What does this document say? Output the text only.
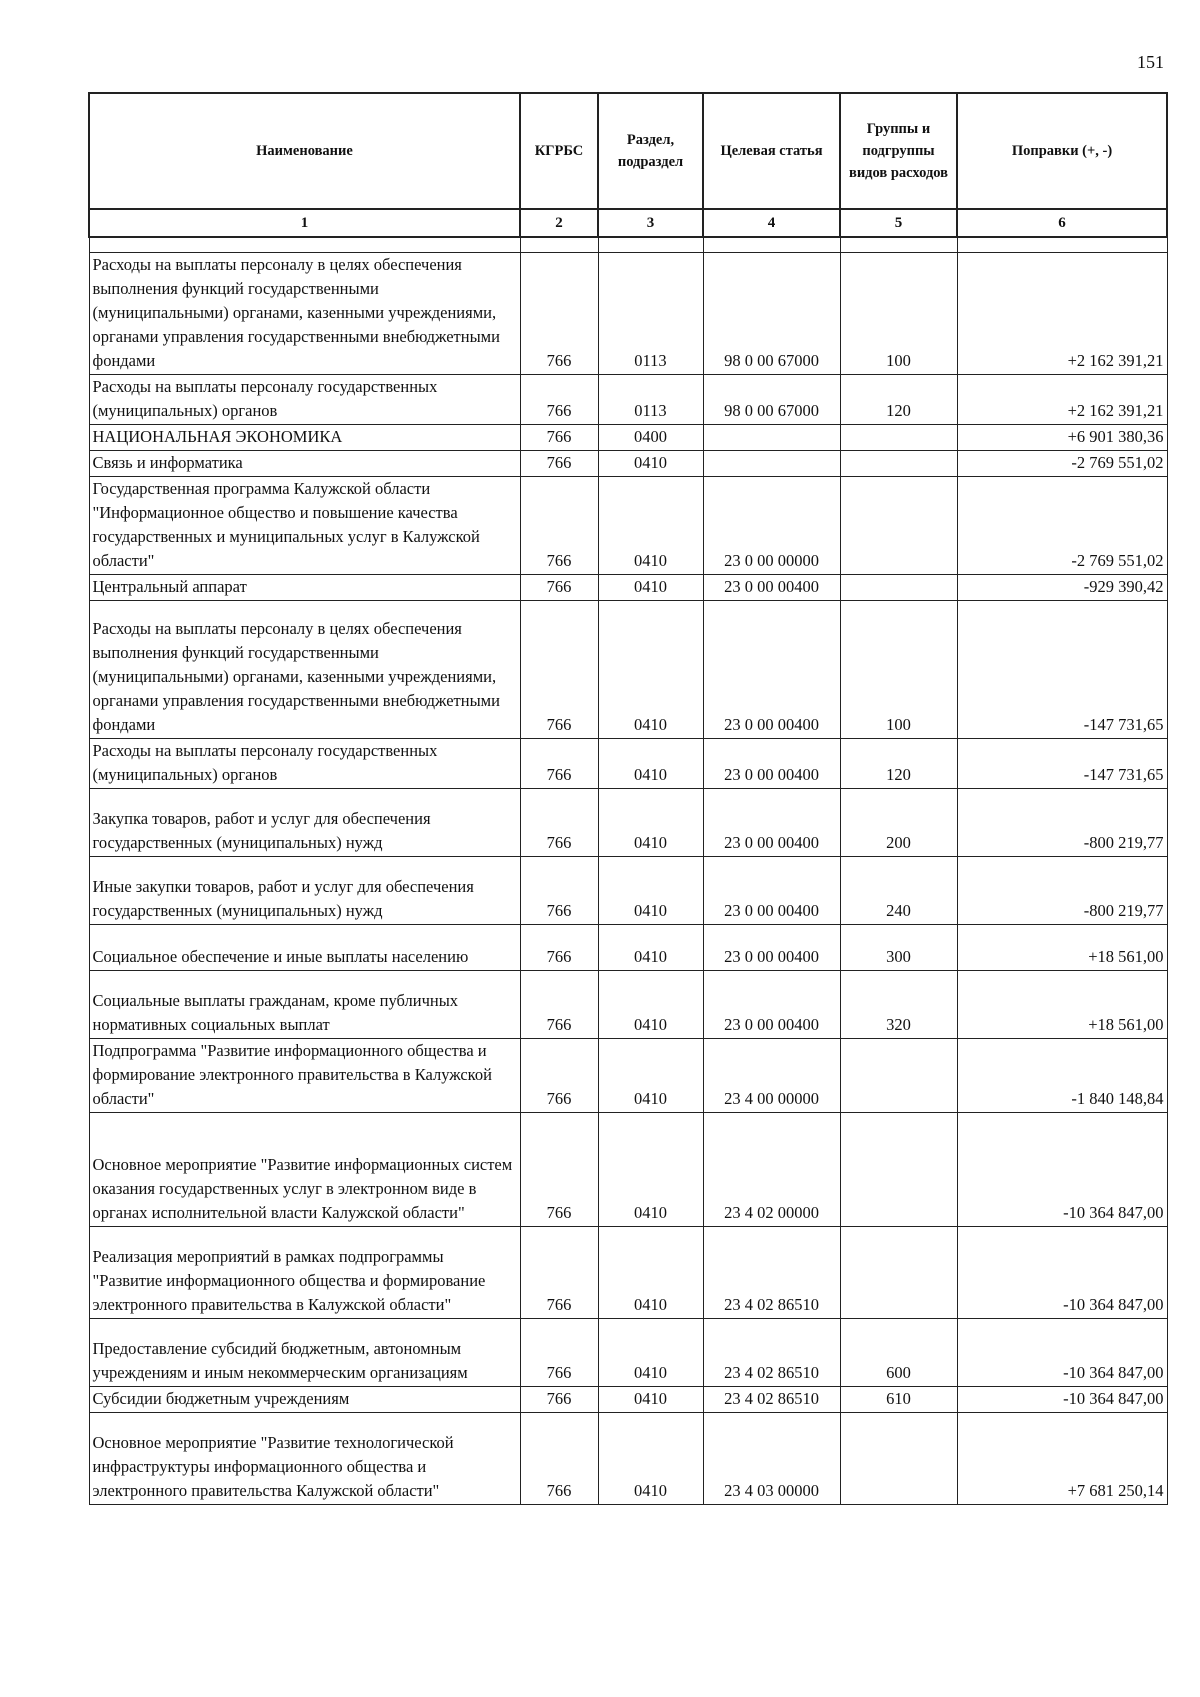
151
Наименование	КГРБС	Раздел, подраздел	Целевая статья	Группы и подгруппы видов расходов	Поправки (+, -)
1	2	3	4	5	6

Расходы на выплаты персоналу в целях обеспечения выполнения функций государственными (муниципальными) органами, казенными учреждениями, органами управления государственными внебюджетными фондами	766	0113	98 0 00 67000	100	+2 162 391,21
Расходы на выплаты персоналу государственных (муниципальных) органов	766	0113	98 0 00 67000	120	+2 162 391,21
НАЦИОНАЛЬНАЯ ЭКОНОМИКА	766	0400			+6 901 380,36
Связь и информатика	766	0410			-2 769 551,02
Государственная программа Калужской области "Информационное общество и повышение качества государственных и муниципальных услуг в Калужской области"	766	0410	23 0 00 00000		-2 769 551,02
Центральный аппарат	766	0410	23 0 00 00400		-929 390,42
Расходы на выплаты персоналу в целях обеспечения выполнения функций государственными (муниципальными) органами, казенными учреждениями, органами управления государственными внебюджетными фондами	766	0410	23 0 00 00400	100	-147 731,65
Расходы на выплаты персоналу государственных (муниципальных) органов	766	0410	23 0 00 00400	120	-147 731,65
Закупка товаров, работ и услуг для обеспечения государственных (муниципальных) нужд	766	0410	23 0 00 00400	200	-800 219,77
Иные закупки товаров, работ и услуг для обеспечения государственных (муниципальных) нужд	766	0410	23 0 00 00400	240	-800 219,77
Социальное обеспечение и иные выплаты населению	766	0410	23 0 00 00400	300	+18 561,00
Социальные выплаты гражданам, кроме публичных нормативных социальных выплат	766	0410	23 0 00 00400	320	+18 561,00
Подпрограмма "Развитие информационного общества и формирование электронного правительства в Калужской области"	766	0410	23 4 00 00000		-1 840 148,84
Основное мероприятие "Развитие информационных систем оказания государственных услуг в электронном виде в органах исполнительной власти Калужской области"	766	0410	23 4 02 00000		-10 364 847,00
Реализация мероприятий в рамках подпрограммы "Развитие информационного общества и формирование электронного правительства в Калужской области"	766	0410	23 4 02 86510		-10 364 847,00
Предоставление субсидий бюджетным, автономным учреждениям и иным некоммерческим организациям	766	0410	23 4 02 86510	600	-10 364 847,00
Субсидии бюджетным учреждениям	766	0410	23 4 02 86510	610	-10 364 847,00
Основное мероприятие "Развитие технологической инфраструктуры информационного общества и электронного правительства Калужской области"	766	0410	23 4 03 00000		+7 681 250,14
